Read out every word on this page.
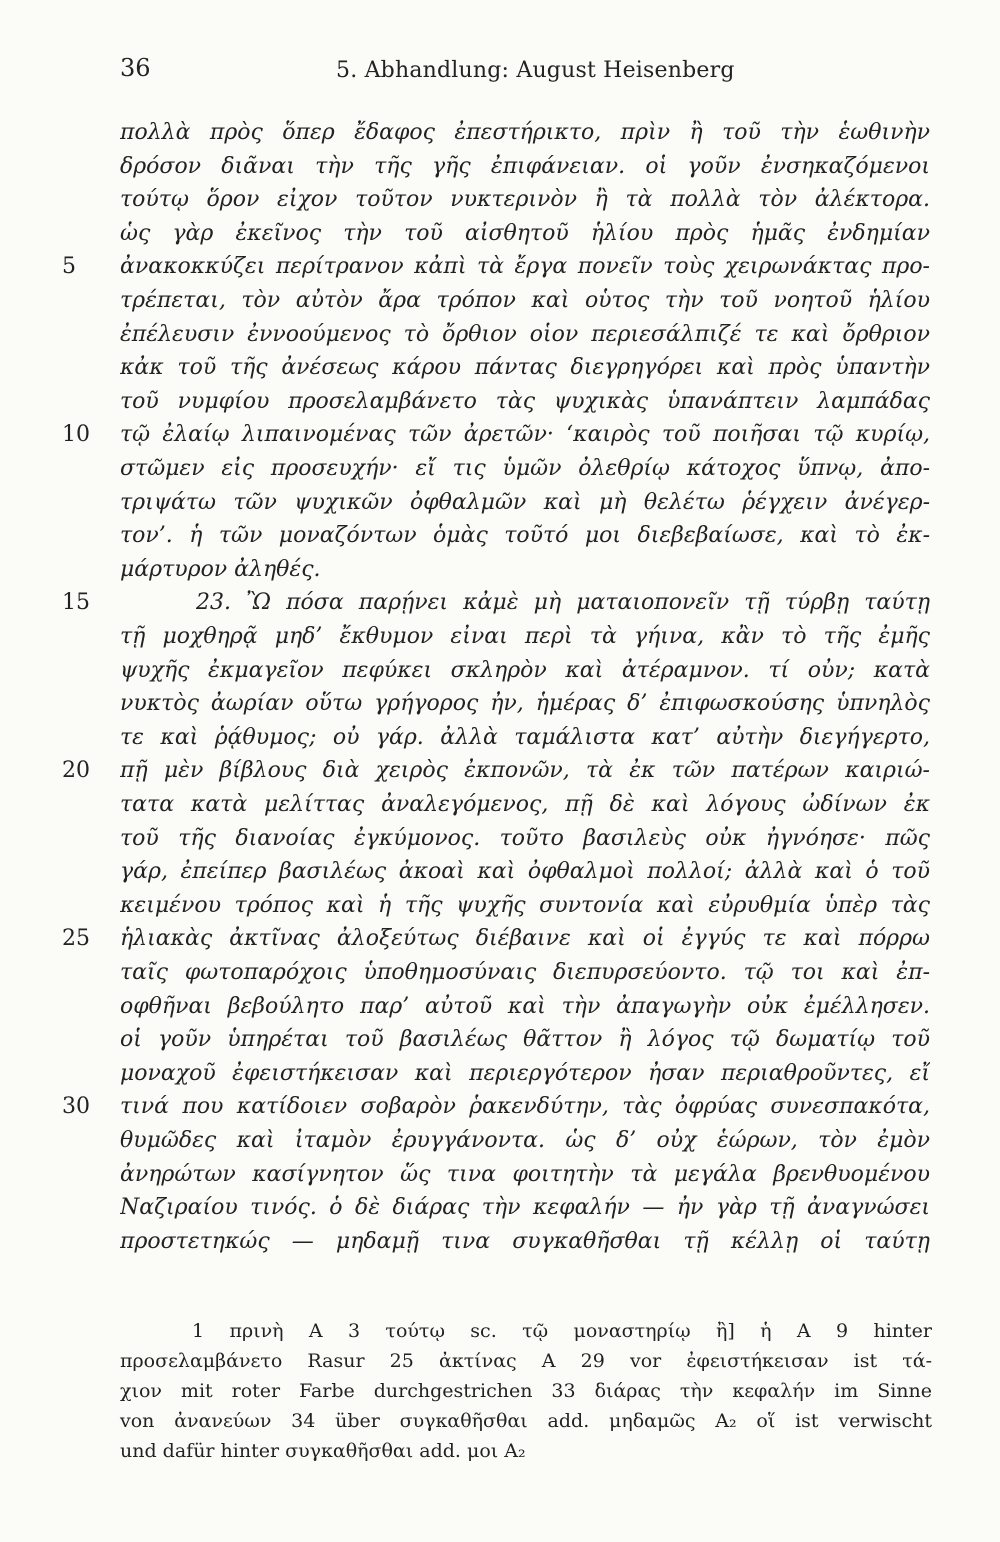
36	5. Abhandlung: August Heisenberg
πολλὰ πρὸς ὅπερ ἔδαφος ἐπεστήρικτο, πρὶν ἢ τοῦ τὴν ἑωθινὴν
δρόσον διᾶναι τὴν τῆς γῆς ἐπιφάνειαν. οἱ γοῦν ἐνσηκαζόμενοι
τούτῳ ὅρον εἶχον τοῦτον νυκτερινὸν ἢ τὰ πολλὰ τὸν ἀλέκτορα.
ὡς γὰρ ἐκεῖνος τὴν τοῦ αἰσθητοῦ ἡλίου πρὸς ἡμᾶς ἐνδημίαν
ἀνακοκκύζει περίτρανον κἀπὶ τὰ ἔργα πονεῖν τοὺς χειρωνάκτας προ-
τρέπεται, τὸν αὐτὸν ἄρα τρόπον καὶ οὗτος τὴν τοῦ νοητοῦ ἡλίου
ἐπέλευσιν ἐννοούμενος τὸ ὄρθιον οἷον περιεσάλπιζέ τε καὶ ὄρθριον
κἀκ τοῦ τῆς ἀνέσεως κάρου πάντας διεγρηγόρει καὶ πρὸς ὑπαντὴν
τοῦ νυμφίου προσελαμβάνετο τὰς ψυχικὰς ὑπανάπτειν λαμπάδας
τῷ ἐλαίῳ λιπαινομένας τῶν ἀρετῶν· ‘καιρὸς τοῦ ποιῆσαι τῷ κυρίῳ,
στῶμεν εἰς προσευχήν· εἴ τις ὑμῶν ὀλεθρίῳ κάτοχος ὕπνῳ, ἀπο-
τριψάτω τῶν ψυχικῶν ὀφθαλμῶν καὶ μὴ θελέτω ῥέγχειν ἀνέγερ-
τον’. ἡ τῶν μοναζόντων ὁμὰς τοῦτό μοι διεβεβαίωσε, καὶ τὸ ἐκ-
μάρτυρον ἀληθές.
23. Ὢ πόσα παρῄνει κἀμὲ μὴ ματαιοπονεῖν τῇ τύρβῃ ταύτῃ
τῇ μοχθηρᾷ μηδ’ ἔκθυμον εἶναι περὶ τὰ γήινα, κἂν τὸ τῆς ἐμῆς
ψυχῆς ἐκμαγεῖον πεφύκει σκληρὸν καὶ ἀτέραμνον. τί οὖν; κατὰ
νυκτὸς ἀωρίαν οὕτω γρήγορος ἦν, ἡμέρας δ’ ἐπιφωσκούσης ὑπνηλὸς
τε καὶ ῥᾴθυμος; οὐ γάρ. ἀλλὰ ταμάλιστα κατ’ αὐτὴν διεγήγερτο,
πῇ μὲν βίβλους διὰ χειρὸς ἐκπονῶν, τὰ ἐκ τῶν πατέρων καιριώ-
τατα κατὰ μελίττας ἀναλεγόμενος, πῇ δὲ καὶ λόγους ὠδίνων ἐκ
τοῦ τῆς διανοίας ἐγκύμονος. τοῦτο βασιλεὺς οὐκ ἠγνόησε· πῶς
γάρ, ἐπείπερ βασιλέως ἀκοαὶ καὶ ὀφθαλμοὶ πολλοί; ἀλλὰ καὶ ὁ τοῦ
κειμένου τρόπος καὶ ἡ τῆς ψυχῆς συντονία καὶ εὐρυθμία ὑπὲρ τὰς
ἡλιακὰς ἀκτῖνας ἀλοξεύτως διέβαινε καὶ οἱ ἐγγύς τε καὶ πόρρω
ταῖς φωτοπαρόχοις ὑποθημοσύναις διεπυρσεύοντο. τῷ τοι καὶ ἐπ-
οφθῆναι βεβούλητο παρ’ αὐτοῦ καὶ τὴν ἀπαγωγὴν οὐκ ἐμέλλησεν.
οἱ γοῦν ὑπηρέται τοῦ βασιλέως θᾶττον ἢ λόγος τῷ δωματίῳ τοῦ
μοναχοῦ ἐφειστήκεισαν καὶ περιεργότερον ἦσαν περιαθροῦντες, εἴ
τινά που κατίδοιεν σοβαρὸν ῥακενδύτην, τὰς ὀφρύας συνεσπακότα,
θυμῶδες καὶ ἰταμὸν ἐρυγγάνοντα. ὡς δ’ οὐχ ἑώρων, τὸν ἐμὸν
ἀνηρώτων κασίγνητον ὥς τινα φοιτητὴν τὰ μεγάλα βρενθυομένου
Ναζιραίου τινός. ὁ δὲ διάρας τὴν κεφαλήν — ἦν γὰρ τῇ ἀναγνώσει
προστετηκώς — μηδαμῇ τινα συγκαθῆσθαι τῇ κέλλῃ οἱ ταύτῃ
5
10
15
20
25
30
1 πρινὴ A 3 τούτῳ sc. τῷ μοναστηρίῳ ἢ] ἡ A 9 hinter
προσελαμβάνετο Rasur 25 ἀκτίνας A 29 vor ἐφειστήκεισαν ist τά-
χιον mit roter Farbe durchgestrichen 33 διάρας τὴν κεφαλήν im Sinne
von ἀνανεύων 34 über συγκαθῆσθαι add. μηδαμῶς A₂ οἵ ist verwischt
und dafür hinter συγκαθῆσθαι add. μοι A₂
